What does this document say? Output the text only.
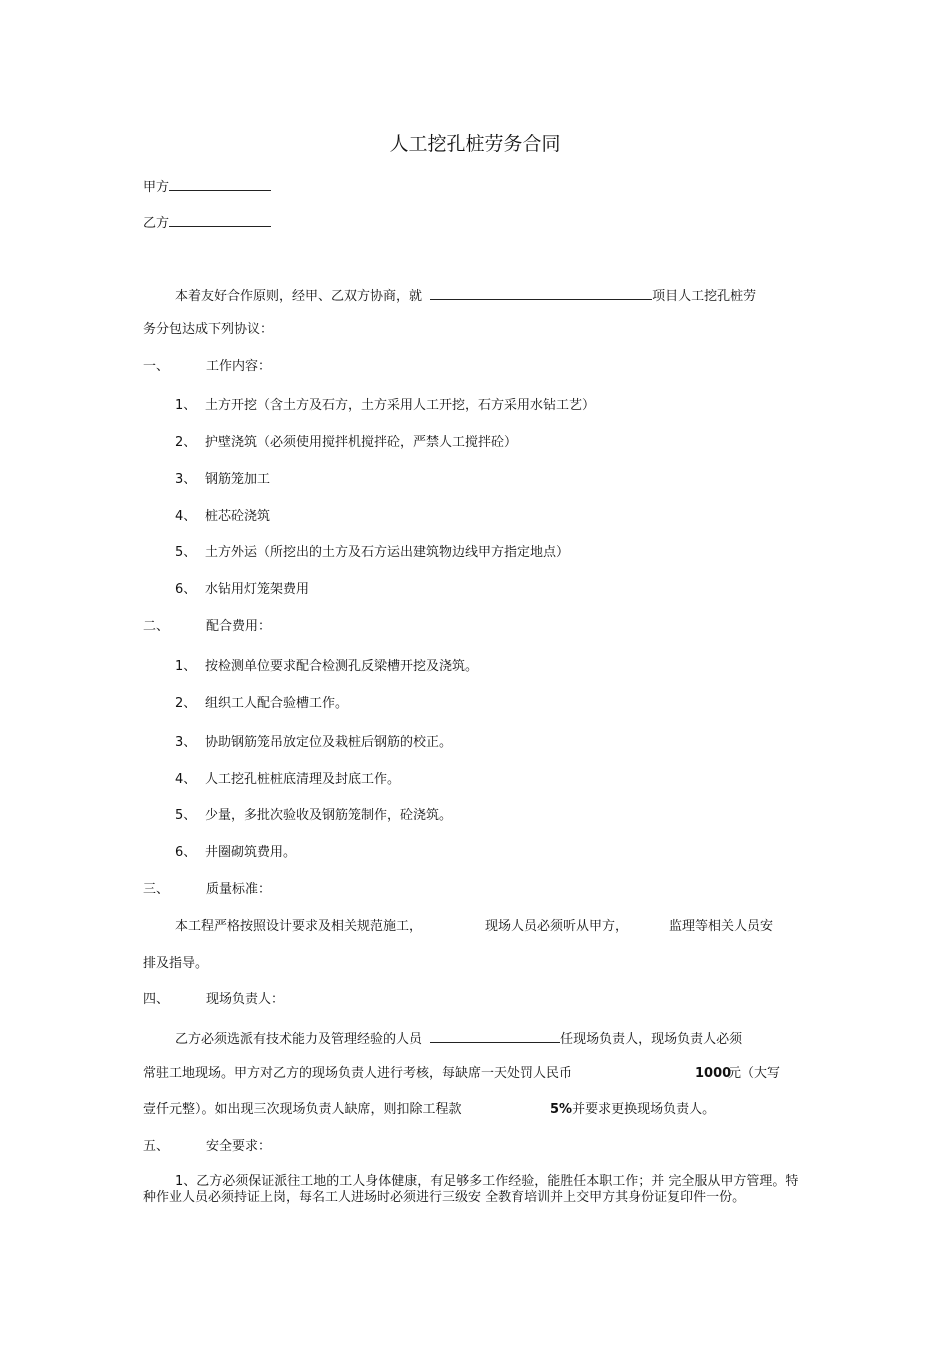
人工挖孔桩劳务合同
甲方
乙方
本着友好合作原则，经甲、乙双方协商，就	项目人工挖孔桩劳
务分包达成下列协议：
一、	工作内容：
1、 土方开挖（含土方及石方，土方采用人工开挖，石方采用水钻工艺）
2、 护壁浇筑（必须使用搅拌机搅拌砼，严禁人工搅拌砼）
3、 钢筋笼加工
4、 桩芯砼浇筑
5、 土方外运（所挖出的土方及石方运出建筑物边线甲方指定地点）
6、 水钻用灯笼架费用
二、	配合费用：
1、 按检测单位要求配合检测孔反梁槽开挖及浇筑。
2、 组织工人配合验槽工作。
3、 协助钢筋笼吊放定位及栽桩后钢筋的校正。
4、 人工挖孔桩桩底清理及封底工作。
5、 少量，多批次验收及钢筋笼制作，砼浇筑。
6、 井圈砌筑费用。
三、	质量标准：
本工程严格按照设计要求及相关规范施工，	现场人员必须听从甲方，	监理等相关人员安
排及指导。
四、	现场负责人：
乙方必须选派有技术能力及管理经验的人员	任现场负责人，现场负责人必须
常驻工地现场。甲方对乙方的现场负责人进行考核，每缺席一天处罚人民币	1000
元（大写
壹仟元整）。如出现三次现场负责人缺席，则扣除工程款	5%并要求更换现场负责人。
五、	安全要求：
1、乙方必须保证派往工地的工人身体健康，有足够多工作经验，能胜任本职工作；并 完全服从甲方管理。特种作业人员必须持证上岗，每名工人进场时必须进行三级安 全教育培训并上交甲方其身份证复印件一份。
